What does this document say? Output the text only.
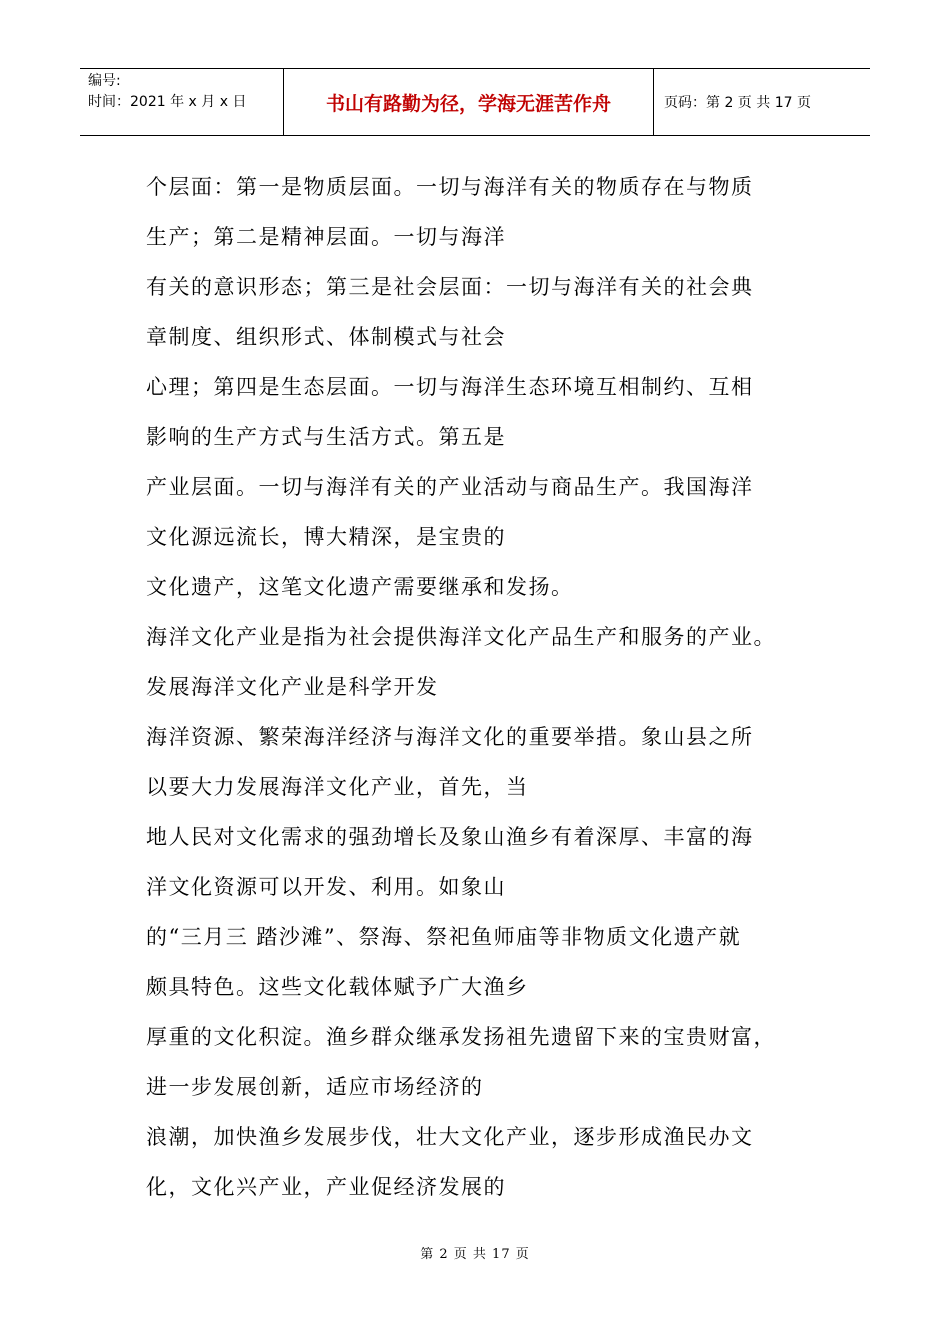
编号:
时间：2021 年 x 月 x 日	书山有路勤为径，学海无涯苦作舟	页码：第 2 页 共 17 页
个层面：第一是物质层面。一切与海洋有关的物质存在与物质
生产；第二是精神层面。一切与海洋
有关的意识形态；第三是社会层面：一切与海洋有关的社会典
章制度、组织形式、体制模式与社会
心理；第四是生态层面。一切与海洋生态环境互相制约、互相
影响的生产方式与生活方式。第五是
产业层面。一切与海洋有关的产业活动与商品生产。我国海洋
文化源远流长，博大精深，是宝贵的
文化遗产，这笔文化遗产需要继承和发扬。
海洋文化产业是指为社会提供海洋文化产品生产和服务的产业。
发展海洋文化产业是科学开发
海洋资源、繁荣海洋经济与海洋文化的重要举措。象山县之所
以要大力发展海洋文化产业，首先，当
地人民对文化需求的强劲增长及象山渔乡有着深厚、丰富的海
洋文化资源可以开发、利用。如象山
的“三月三 踏沙滩”、祭海、祭祀鱼师庙等非物质文化遗产就
颇具特色。这些文化载体赋予广大渔乡
厚重的文化积淀。渔乡群众继承发扬祖先遗留下来的宝贵财富，
进一步发展创新，适应市场经济的
浪潮，加快渔乡发展步伐，壮大文化产业，逐步形成渔民办文
化，文化兴产业，产业促经济发展的
第 2 页 共 17 页
